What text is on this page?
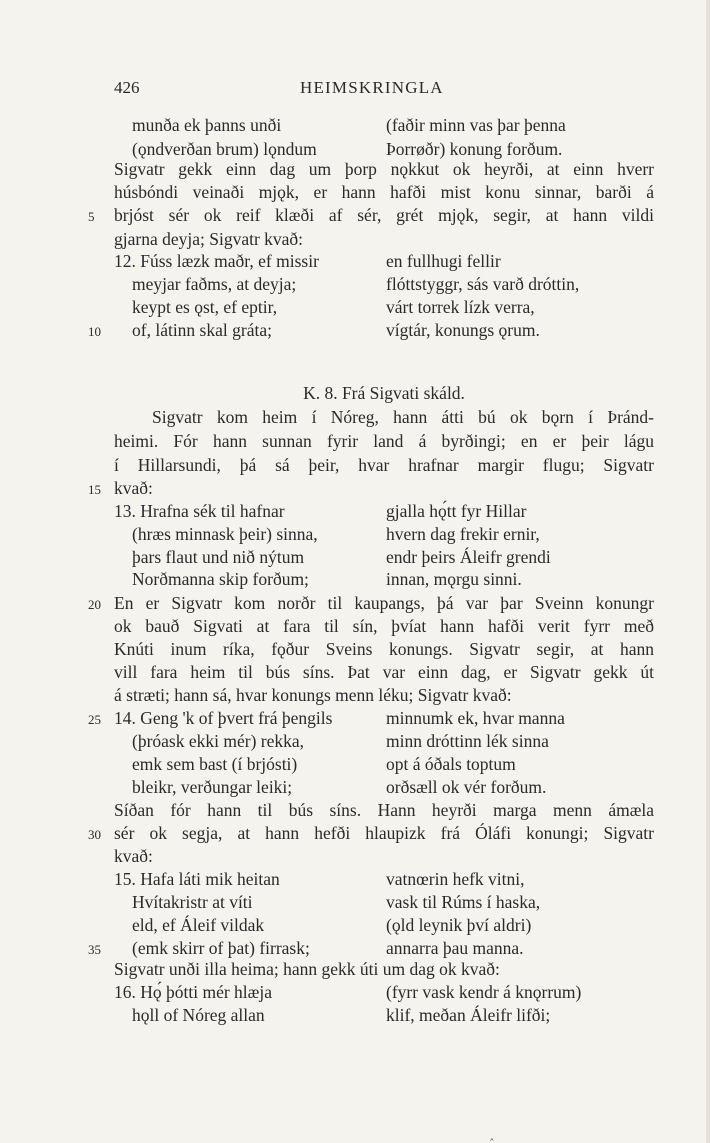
426	HEIMSKRINGLA
munða ek þanns unði	(faðir minn vas þar þenna
(ǫndverðan brum) lǫndum	Þorrøðr) konung forðum.
Sigvatr gekk einn dag um þorp nǫkkut ok heyrði, at einn hverr
húsbóndi veinaði mjǫk, er hann hafði mist konu sinnar, barði á
5	brjóst sér ok reif klæði af sér, grét mjǫk, segir, at hann vildi
gjarna deyja; Sigvatr kvað:
12. Fúss læzk maðr, ef missir	en fullhugi fellir
meyjar faðms, at deyja;	flóttstyggr, sás varð dróttin,
keypt es ǫst, ef eptir,	várt torrek lízk verra,
10	of, látinn skal gráta;	vígtár, konungs ǫrum.
K. 8. Frá Sigvati skáld.
Sigvatr kom heim í Nóreg, hann átti bú ok bǫrn í Þránd-
heimi. Fór hann sunnan fyrir land á byrðingi; en er þeir lágu
í Hillarsundi, þá sá þeir, hvar hrafnar margir flugu; Sigvatr
15 kvað:
13. Hrafna sék til hafnar	gjalla hǫ́tt fyr Hillar
(hræs minnask þeir) sinna,	hvern dag frekir ernir,
þars flaut und nið nýtum	endr þeirs Áleifr grendi
Norðmanna skip forðum;	innan, mǫrgu sinni.
20 En er Sigvatr kom norðr til kaupangs, þá var þar Sveinn konungr
ok bauð Sigvati at fara til sín, þvíat hann hafði verit fyrr með
Knúti inum ríka, fǫður Sveins konungs. Sigvatr segir, at hann
vill fara heim til bús síns. Þat var einn dag, er Sigvatr gekk út
á stræti; hann sá, hvar konungs menn léku; Sigvatr kvað:
25 14. Geng 'k of þvert frá þengils	minnumk ek, hvar manna
(þróask ekki mér) rekka,	minn dróttinn lék sinna
emk sem bast (í brjósti)	opt á óðals toptum
bleikr, verðungar leiki;	orðsæll ok vér forðum.
Síðan fór hann til bús síns. Hann heyrði marga menn ámæla
30 sér ok segja, at hann hefði hlaupizk frá Óláfi konungi; Sigvatr
kvað:
15. Hafa láti mik heitan	vatnœrin hefk vitni,
Hvítakristr at víti	vask til Rúms í haska,
eld, ef Áleif vildak	(ǫld leynik því aldri)
35	(emk skirr of þat) firrask;	annarra þau manna.
Sigvatr unði illa heima; hann gekk úti um dag ok kvað:
16. Hǫ́ þótti mér hlæja	(fyrr vask kendr á knǫrrum)
hǫll of Nóreg allan	klif, meðan Áleifr lifði;
‸
